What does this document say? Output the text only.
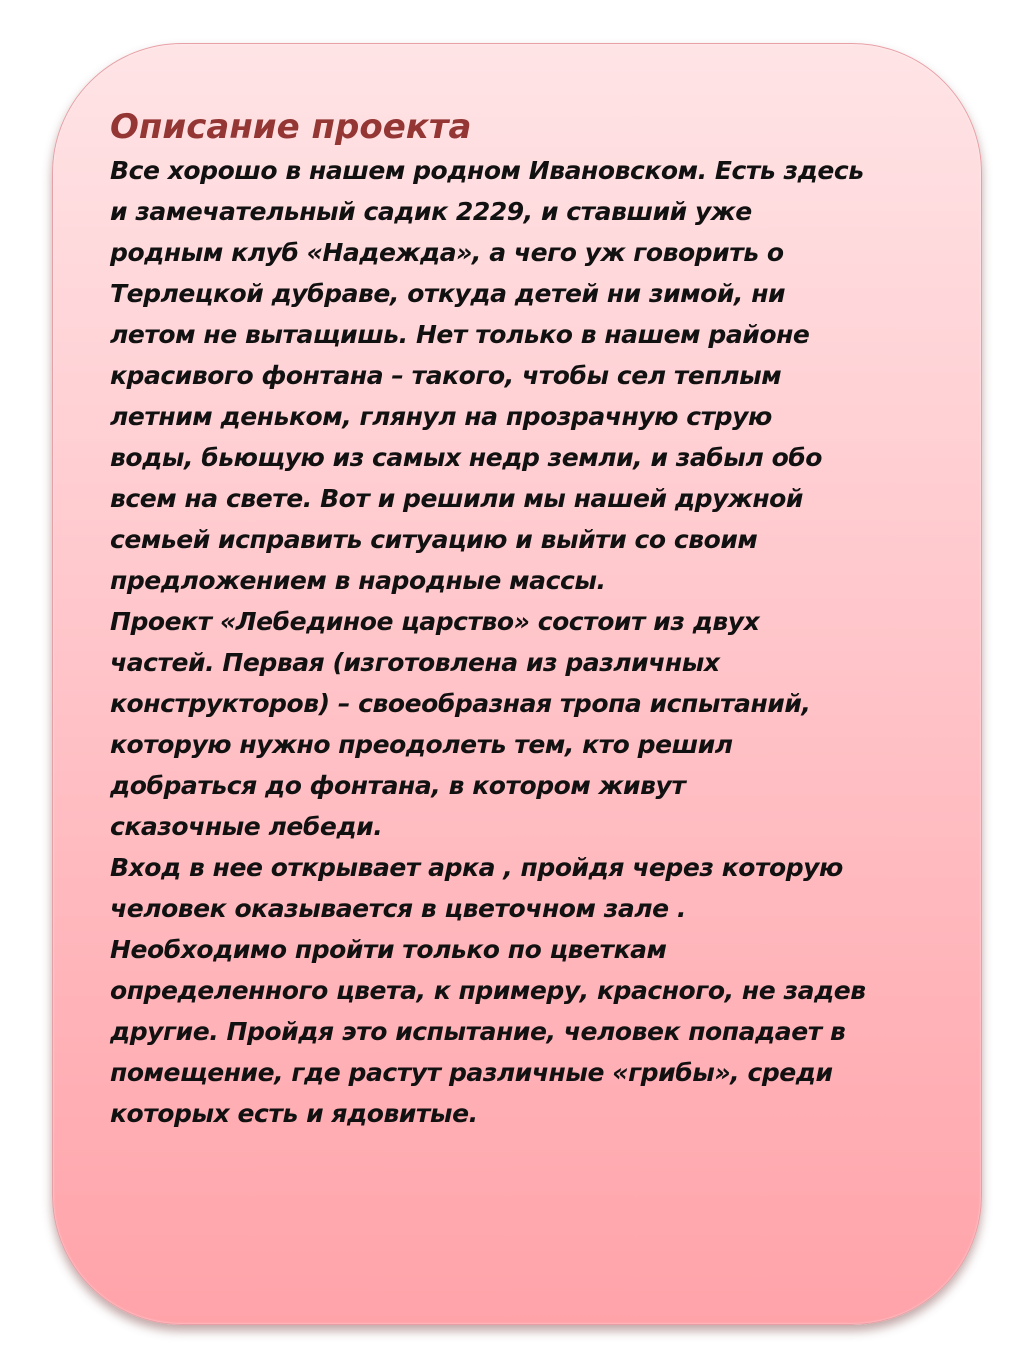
Описание проекта

Все хорошо в нашем родном Ивановском. Есть здесь
и замечательный садик 2229, и ставший уже
родным клуб «Надежда», а чего уж говорить о
Терлецкой дубраве, откуда детей ни зимой, ни
летом не вытащишь. Нет только в нашем районе
красивого фонтана – такого, чтобы сел теплым
летним деньком, глянул на прозрачную струю
воды, бьющую из самых недр земли, и забыл обо
всем на свете. Вот и решили мы нашей дружной
семьей исправить ситуацию и выйти со своим
предложением в народные массы.

Проект «Лебединое царство» состоит из двух
частей. Первая (изготовлена из различных
конструкторов) – своеобразная тропа испытаний,
которую нужно преодолеть тем, кто решил
добраться до фонтана, в котором живут
сказочные лебеди.

Вход в нее открывает арка , пройдя через которую
человек оказывается в цветочном зале .
Необходимо пройти только по цветкам
определенного цвета, к примеру, красного, не задев
другие. Пройдя это испытание, человек попадает в
помещение, где растут различные «грибы», среди
которых есть и ядовитые.
